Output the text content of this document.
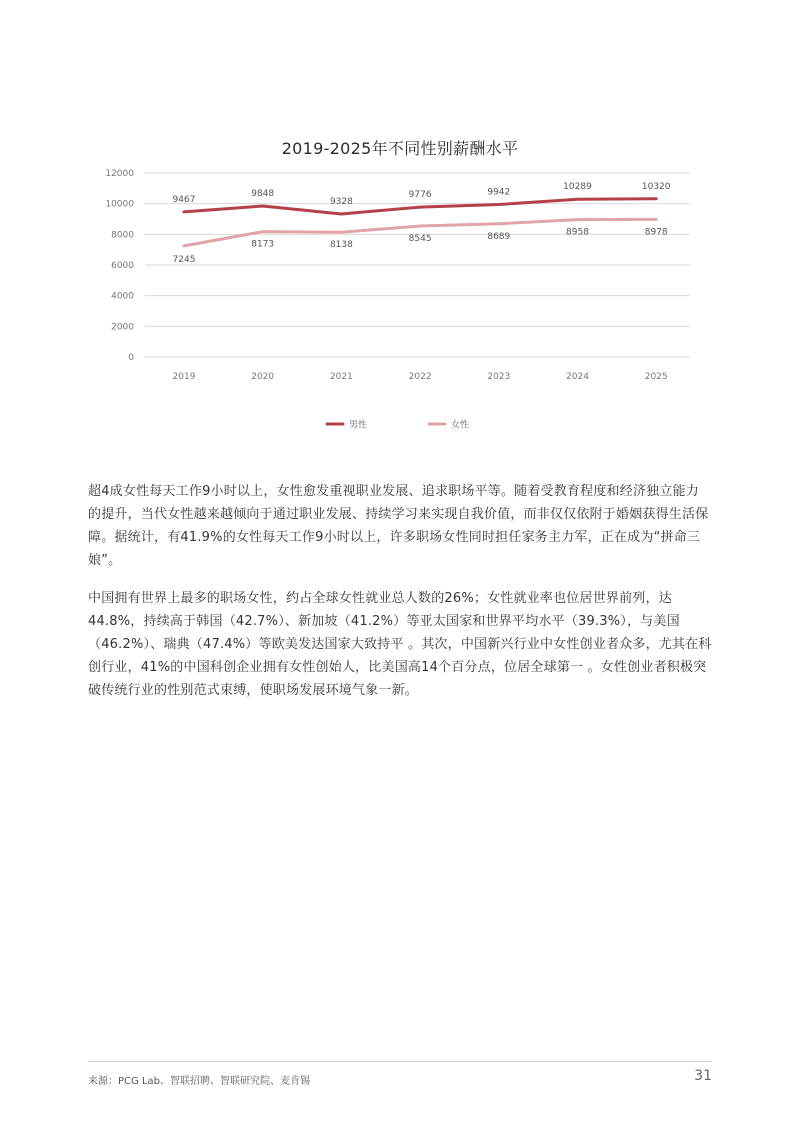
2019-2025年不同性别薪酬水平
0
2000
4000
6000
8000
10000
12000
2019	2020	2021	2022	2023	2024	2025
9467
9848
9328
9776	9942
10289	10320
7245
8173	8138
8545	8689	8958	8978
男性	女性

超4成女性每天工作9小时以上，女性愈发重视职业发展、追求职场平等。随着受教育程度和经济独立能力的提升，当代女性越来越倾向于通过职业发展、持续学习来实现自我价值，而非仅仅依附于婚姻获得生活保障。据统计，有41.9%的女性每天工作9小时以上，许多职场女性同时担任家务主力军，正在成为“拼命三娘”。

中国拥有世界上最多的职场女性，约占全球女性就业总人数的26%；女性就业率也位居世界前列，达44.8%，持续高于韩国（42.7%）、新加坡（41.2%）等亚太国家和世界平均水平（39.3%），与美国（46.2%）、瑞典（47.4%）等欧美发达国家大致持平 。其次，中国新兴行业中女性创业者众多，尤其在科创行业，41%的中国科创企业拥有女性创始人，比美国高14个百分点，位居全球第一 。女性创业者积极突破传统行业的性别范式束缚，使职场发展环境气象一新。

来源：PCG Lab、智联招聘、智联研究院、麦肯锡	31
